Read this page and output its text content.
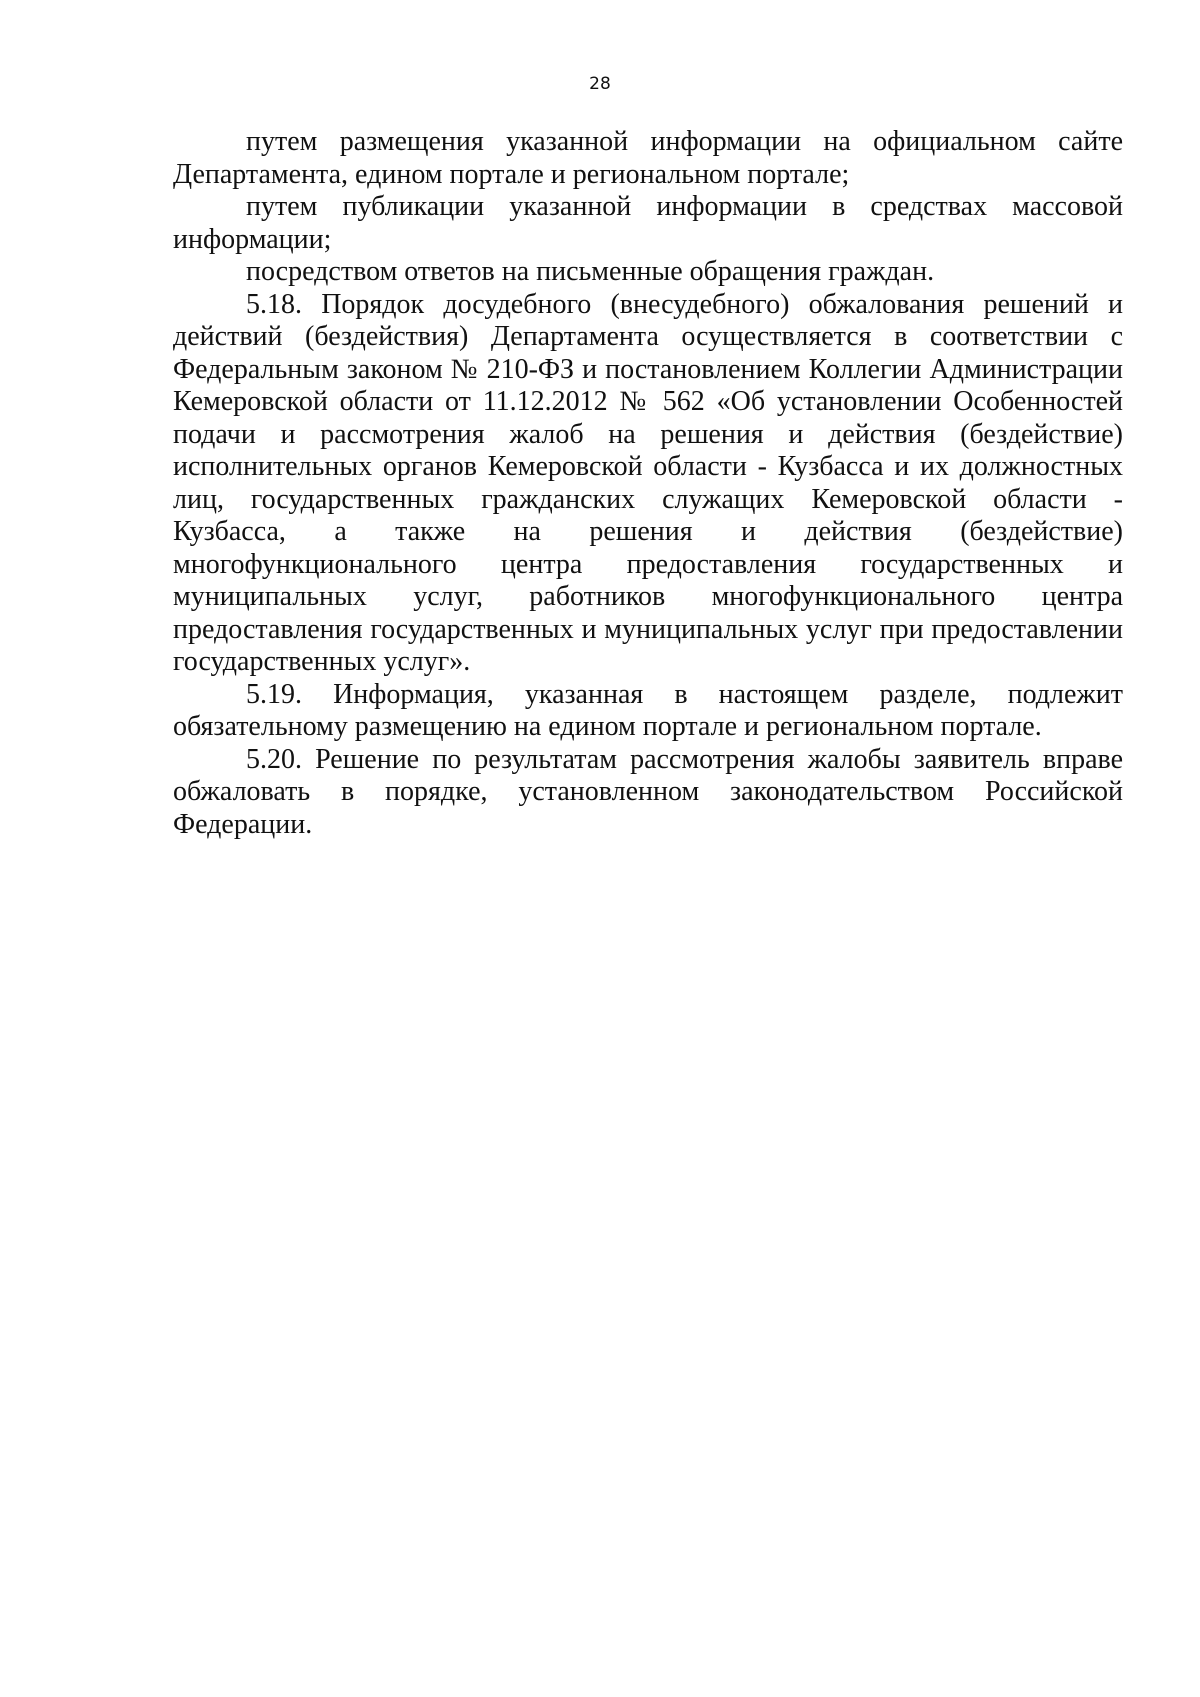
28

путем размещения указанной информации на официальном сайте Департамента, едином портале и региональном портале;

путем публикации указанной информации в средствах массовой информации;

посредством ответов на письменные обращения граждан.

5.18. Порядок досудебного (внесудебного) обжалования решений и действий (бездействия) Департамента осуществляется в соответствии с Федеральным законом № 210-ФЗ и постановлением Коллегии Администрации Кемеровской области от 11.12.2012 № 562 «Об установлении Особенностей подачи и рассмотрения жалоб на решения и действия (бездействие) исполнительных органов Кемеровской области - Кузбасса и их должностных лиц, государственных гражданских служащих Кемеровской области - Кузбасса, а также на решения и действия (бездействие) многофункционального центра предоставления государственных и муниципальных услуг, работников многофункционального центра предоставления государственных и муниципальных услуг при предоставлении государственных услуг».

5.19. Информация, указанная в настоящем разделе, подлежит обязательному размещению на едином портале и региональном портале.

5.20. Решение по результатам рассмотрения жалобы заявитель вправе обжаловать в порядке, установленном законодательством Российской Федерации.
